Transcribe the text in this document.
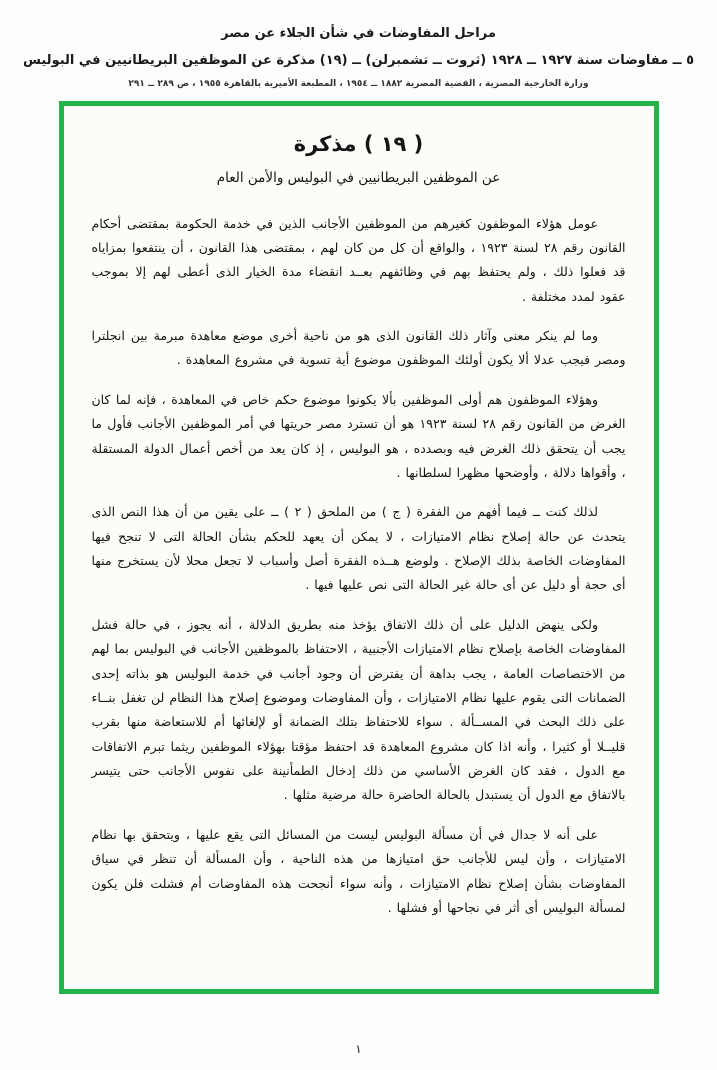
مراحل المفاوضات في شأن الجلاء عن مصر

٥ ــ مفاوضات سنة ١٩٢٧ ــ ١٩٢٨ (ثروت ــ تشمبرلن) ــ (١٩) مذكرة عن الموظفين البريطانيين في البوليس

وزارة الخارجية المصرية ، القضية المصرية ١٨٨٢ ــ ١٩٥٤ ، المطبعة الأميرية بالقاهرة ١٩٥٥ ، ص ٢٨٩ ــ ٢٩١

( ١٩ ) مذكرة
عن الموظفين البريطانيين في البوليس والأمن العام

عومل هؤلاء الموظفون كغيرهم من الموظفين الأجانب الذين في خدمة الحكومة بمقتضى أحكام القانون رقم ٢٨ لسنة ١٩٢٣ ، والواقع أن كل من كان لهم ، بمقتضى هذا القانون ، أن ينتفعوا بمزاياه قد فعلوا ذلك ، ولم يحتفظ بهم في وظائفهم بعــد انقضاء مدة الخيار الذى أعطى لهم إلا بموجب عقود لمدد مختلفة .

وما لم ينكر معنى وآثار ذلك القانون الذى هو من ناحية أخرى موضع معاهدة مبرمة بين انجلترا ومصر فيجب عدلا ألا يكون أولئك الموظفون موضوع أية تسوية في مشروع المعاهدة .

وهؤلاء الموظفون هم أولى الموظفين بألا يكونوا موضوع حكم خاص في المعاهدة ، فإنه لما كان الغرض من القانون رقم ٢٨ لسنة ١٩٢٣ هو أن تسترد مصر حريتها في أمر الموظفين الأجانب فأول ما يجب أن يتحقق ذلك الغرض فيه وبصدده ، هو البوليس ، إذ كان يعد من أخص أعمال الدولة المستقلة ، وأقواها دلالة ، وأوضحها مظهرا لسلطانها .

لذلك كنت ــ فيما أفهم من الفقرة ( ج ) من الملحق ( ٢ ) ــ على يقين من أن هذا النص الذى يتحدث عن حالة إصلاح نظام الامتيازات ، لا يمكن أن يعهد للحكم بشأن الحالة التى لا تنجح فيها المفاوضات الخاصة بذلك الإصلاح . ولوضع هــذه الفقرة أصل وأسباب لا تجعل محلا لأن يستخرج منها أى حجة أو دليل عن أى حالة غير الحالة التى نص عليها فيها .

ولكى ينهض الدليل على أن ذلك الاتفاق يؤخذ منه بطريق الدلالة ، أنه يجوز ، في حالة فشل المفاوضات الخاصة بإصلاح نظام الامتيازات الأجنبية ، الاحتفاظ بالموظفين الأجانب في البوليس بما لهم من الاختصاصات العامة ، يجب بداهة أن يفترض أن وجود أجانب في خدمة البوليس هو بذاته إحدى الضمانات التى يقوم عليها نظام الامتيازات ، وأن المفاوضات وموضوع إصلاح هذا النظام لن تغفل بنــاء على ذلك البحث في المســألة . سواء للاحتفاظ بتلك الضمانة أو لإلغائها أم للاستعاضة منها بقرب قليــلا أو كثيرا ، وأنه اذا كان مشروع المعاهدة قد احتفظ مؤقتا بهؤلاء الموظفين ريثما تبرم الاتفاقات مع الدول ، فقد كان الغرض الأساسي من ذلك إدخال الطمأنينة على نفوس الأجانب حتى يتيسر بالاتفاق مع الدول أن يستبدل بالحالة الحاضرة حالة مرضية مثلها .

على أنه لا جدال في أن مسألة البوليس ليست من المسائل التى يقع عليها ، ويتحقق بها نظام الامتيازات ، وأن ليس للأجانب حق امتيازها من هذه الناحية ، وأن المسألة أن تنظر في سياق المفاوضات بشأن إصلاح نظام الامتيازات ، وأنه سواء أنجحت هذه المفاوضات أم فشلت فلن يكون لمسألة البوليس أى أثر في نجاحها أو فشلها .

١
